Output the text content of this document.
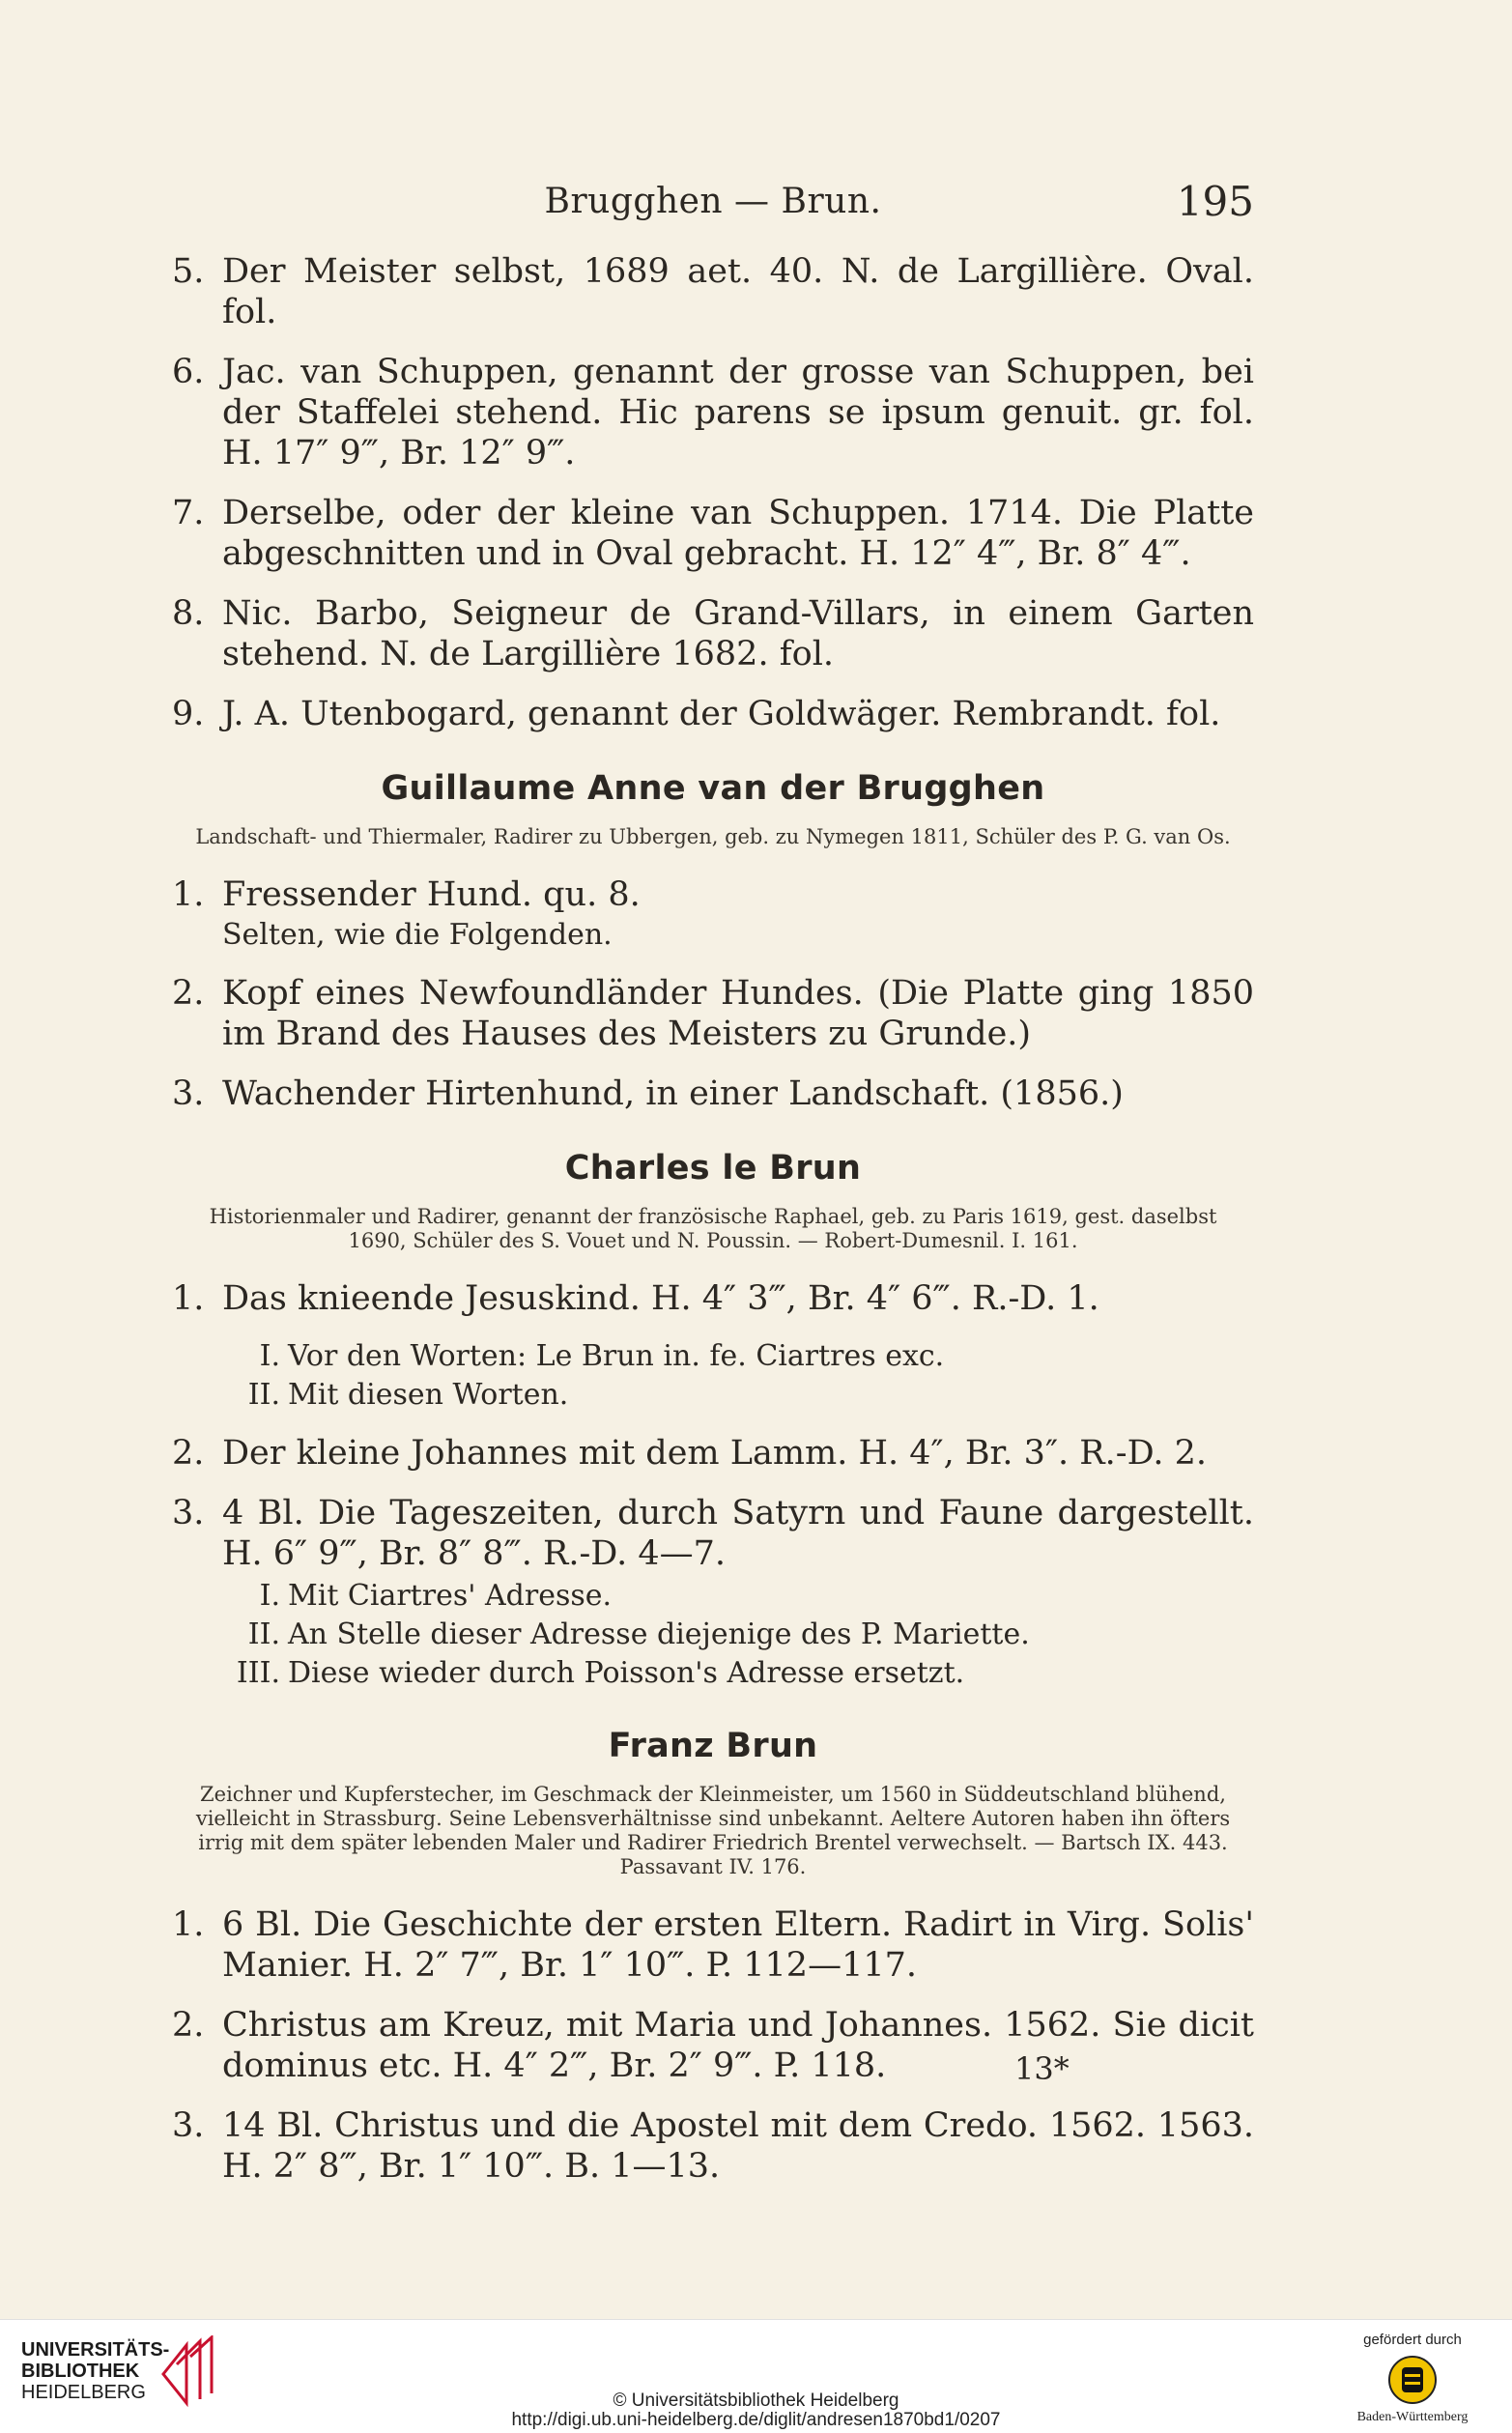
Brugghen — Brun.	195
5. Der Meister selbst, 1689 aet. 40. N. de Largillière. Oval. fol.
6. Jac. van Schuppen, genannt der grosse van Schuppen, bei der Staffelei stehend. Hic parens se ipsum genuit. gr. fol. H. 17″ 9‴, Br. 12″ 9‴.
7. Derselbe, oder der kleine van Schuppen. 1714. Die Platte abgeschnitten und in Oval gebracht. H. 12″ 4‴, Br. 8″ 4‴.
8. Nic. Barbo, Seigneur de Grand-Villars, in einem Garten stehend. N. de Largillière 1682. fol.
9. J. A. Utenbogard, genannt der Goldwäger. Rembrandt. fol.
Guillaume Anne van der Brugghen
Landschaft- und Thiermaler, Radirer zu Ubbergen, geb. zu Nymegen 1811, Schüler des P. G. van Os.
1. Fressender Hund. qu. 8.
Selten, wie die Folgenden.
2. Kopf eines Newfoundländer Hundes. (Die Platte ging 1850 im Brand des Hauses des Meisters zu Grunde.)
3. Wachender Hirtenhund, in einer Landschaft. (1856.)
Charles le Brun
Historienmaler und Radirer, genannt der französische Raphael, geb. zu Paris 1619, gest. daselbst 1690, Schüler des S. Vouet und N. Poussin. — Robert-Dumesnil. I. 161.
1. Das knieende Jesuskind. H. 4″ 3‴, Br. 4″ 6‴. R.-D. 1.
I. Vor den Worten: Le Brun in. fe. Ciartres exc.
II. Mit diesen Worten.
2. Der kleine Johannes mit dem Lamm. H. 4″, Br. 3″. R.-D. 2.
3. 4 Bl. Die Tageszeiten, durch Satyrn und Faune dargestellt. H. 6″ 9‴, Br. 8″ 8‴. R.-D. 4—7.
I. Mit Ciartres' Adresse.
II. An Stelle dieser Adresse diejenige des P. Mariette.
III. Diese wieder durch Poisson's Adresse ersetzt.
Franz Brun
Zeichner und Kupferstecher, im Geschmack der Kleinmeister, um 1560 in Süddeutschland blühend, vielleicht in Strassburg. Seine Lebensverhältnisse sind unbekannt. Aeltere Autoren haben ihn öfters irrig mit dem später lebenden Maler und Radirer Friedrich Brentel verwechselt. — Bartsch IX. 443. Passavant IV. 176.
1. 6 Bl. Die Geschichte der ersten Eltern. Radirt in Virg. Solis' Manier. H. 2″ 7‴, Br. 1″ 10‴. P. 112—117.
2. Christus am Kreuz, mit Maria und Johannes. 1562. Sie dicit dominus etc. H. 4″ 2‴, Br. 2″ 9‴. P. 118.
3. 14 Bl. Christus und die Apostel mit dem Credo. 1562. 1563. H. 2″ 8‴, Br. 1″ 10‴. B. 1—13.
13*
UNIVERSITÄTS-
BIBLIOTHEK
HEIDELBERG	© Universitätsbibliothek Heidelberg
http://digi.ub.uni-heidelberg.de/diglit/andresen1870bd1/0207
gefördert durch
Baden-Württemberg
